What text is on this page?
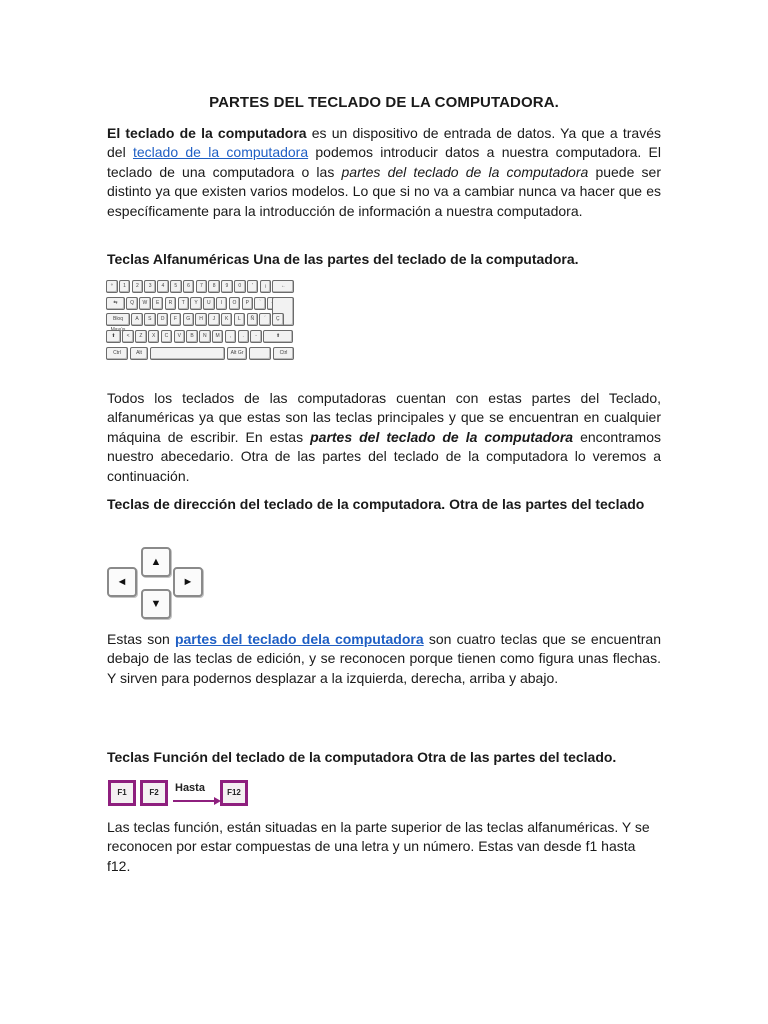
PARTES DEL TECLADO DE LA COMPUTADORA.

El teclado de la computadora es un dispositivo de entrada de datos. Ya que a través del teclado de la computadora podemos introducir datos a nuestra computadora. El teclado de una computadora o las partes del teclado de la computadora puede ser distinto ya que existen varios modelos. Lo que si no va a cambiar nunca va hacer que es específicamente para la introducción de información a nuestra computadora.

Teclas Alfanuméricas Una de las partes del teclado de la computadora.

º	1	2	3	4	5	6	7	8	9	0	'	¡	←
⇆	Q	W	E	R	T	Y	U	I	O	P	`
Bloq	A	S	D	F	G	H	J	K	L	Ñ	´	Ç
⬆	<	Z	X	C	V	B	N	M	,	.	-	⬆
Ctrl	Alt	Alt Gr	Ctrl

Todos los teclados de las computadoras cuentan con estas partes del Teclado, alfanuméricas ya que estas son las teclas principales y que se encuentran en cualquier máquina de escribir. En estas partes del teclado de la computadora encontramos nuestro abecedario. Otra de las partes del teclado de la computadora lo veremos a continuación.

Teclas de dirección del teclado de la computadora. Otra de las partes del teclado

▲
◄
▼
►

Estas son partes del teclado dela computadora son cuatro teclas que se encuentran debajo de las teclas de edición, y se reconocen porque tienen como figura unas flechas. Y sirven para podernos desplazar a la izquierda, derecha, arriba y abajo.

Teclas Función del teclado de la computadora Otra de las partes del teclado.

F1	F2	Hasta	F12

Las teclas función, están situadas en la parte superior de las teclas alfanuméricas. Y se reconocen por estar compuestas de una letra y un número. Estas van desde f1 hasta f12.
